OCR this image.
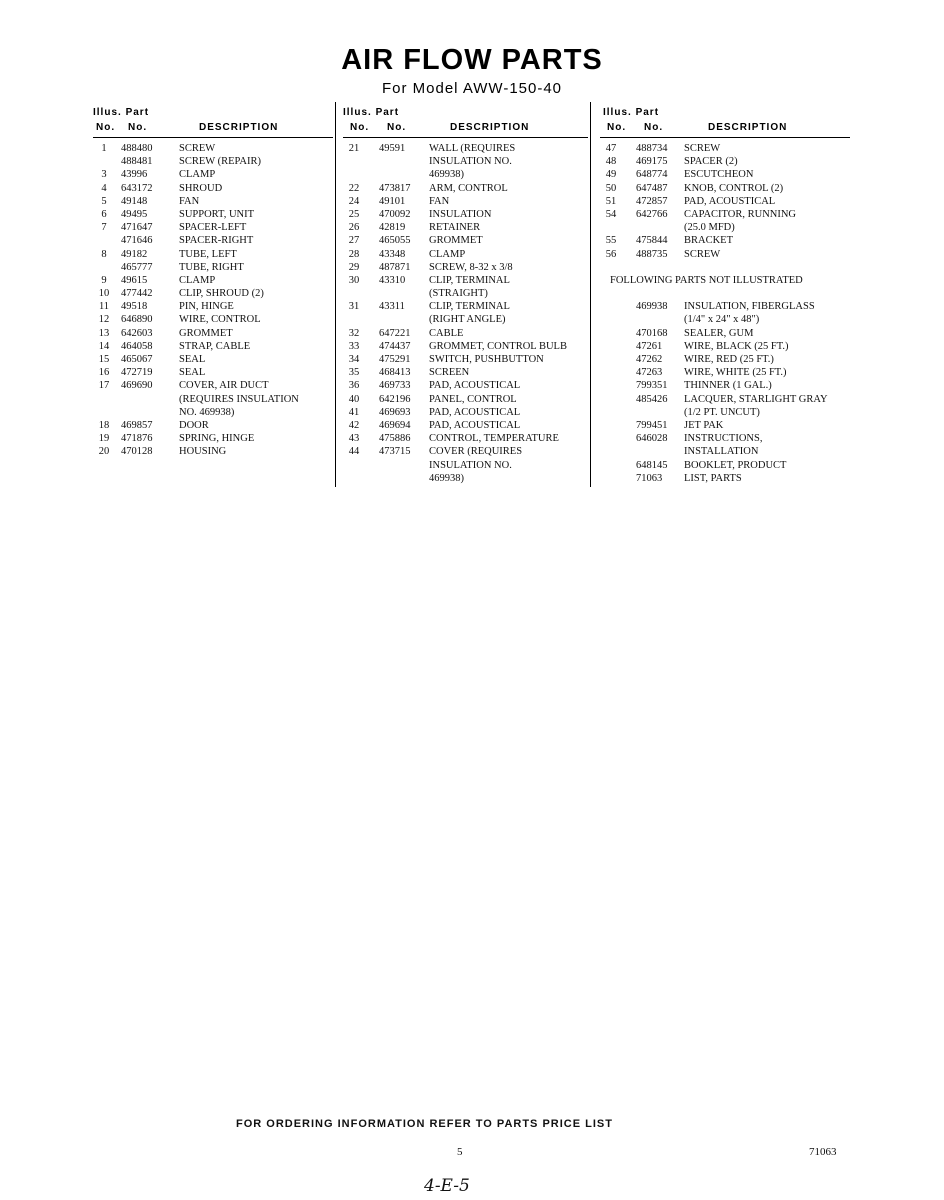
AIR FLOW PARTS
For Model AWW-150-40
Illus. Part
No. No.	DESCRIPTION
1	488480	SCREW
488481	SCREW (REPAIR)
3	43996	CLAMP
4	643172	SHROUD
5	49148	FAN
6	49495	SUPPORT, UNIT
7	471647	SPACER-LEFT
471646	SPACER-RIGHT
8	49182	TUBE, LEFT
465777	TUBE, RIGHT
9	49615	CLAMP
10	477442	CLIP, SHROUD (2)
11	49518	PIN, HINGE
12	646890	WIRE, CONTROL
13	642603	GROMMET
14	464058	STRAP, CABLE
15	465067	SEAL
16	472719	SEAL
17	469690	COVER, AIR DUCT
(REQUIRES INSULATION
NO. 469938)
18	469857	DOOR
19	471876	SPRING, HINGE
20	470128	HOUSING
Illus. Part
No. No.	DESCRIPTION
21	49591 WALL (REQUIRES
INSULATION NO.
469938)
22	473817 ARM, CONTROL
24	49101 FAN
25	470092 INSULATION
26	42819 RETAINER
27	465055 GROMMET
28	43348 CLAMP
29	487871 SCREW, 8-32 x 3/8
30	43310 CLIP, TERMINAL
(STRAIGHT)
31	43311 CLIP, TERMINAL
(RIGHT ANGLE)
32	647221 CABLE
33	474437 GROMMET, CONTROL BULB
34	475291 SWITCH, PUSHBUTTON
35	468413 SCREEN
36	469733 PAD, ACOUSTICAL
40	642196 PANEL, CONTROL
41	469693 PAD, ACOUSTICAL
42	469694 PAD, ACOUSTICAL
43	475886 CONTROL, TEMPERATURE
44	473715 COVER (REQUIRES
INSULATION NO.
469938)
Illus. Part
No. No.	DESCRIPTION
47	488734 SCREW
48	469175 SPACER (2)
49	648774 ESCUTCHEON
50	647487 KNOB, CONTROL (2)
51	472857 PAD, ACOUSTICAL
54	642766 CAPACITOR, RUNNING
(25.0 MFD)
55	475844 BRACKET
56	488735 SCREW
FOLLOWING PARTS NOT ILLUSTRATED
469938 INSULATION, FIBERGLASS
(1/4" x 24" x 48")
470168 SEALER, GUM
47261 WIRE, BLACK (25 FT.)
47262 WIRE, RED (25 FT.)
47263 WIRE, WHITE (25 FT.)
799351 THINNER (1 GAL.)
485426 LACQUER, STARLIGHT GRAY
(1/2 PT. UNCUT)
799451 JET PAK
646028 INSTRUCTIONS,
INSTALLATION
648145 BOOKLET, PRODUCT
71063 LIST, PARTS
FOR ORDERING INFORMATION REFER TO PARTS PRICE LIST
5	71063
4-E-5
